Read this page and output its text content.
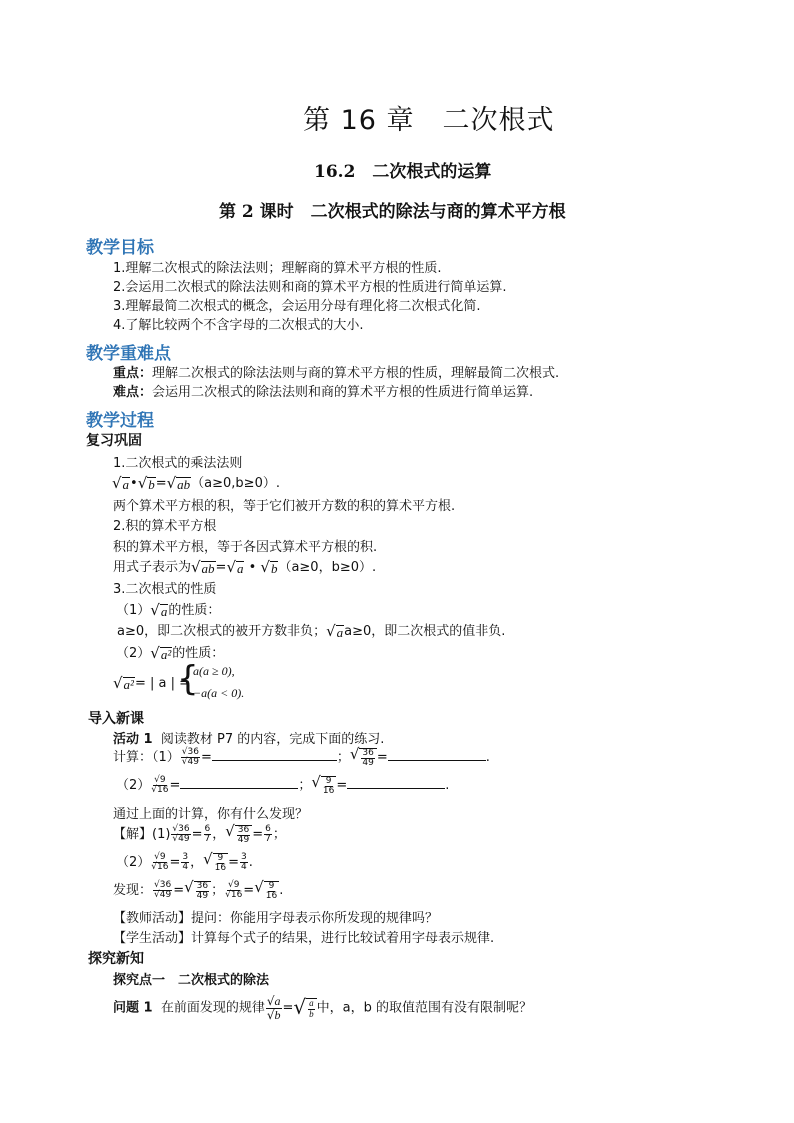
第 16 章　二次根式
16.2　二次根式的运算
第 2 课时　二次根式的除法与商的算术平方根
教学目标
1.理解二次根式的除法法则；理解商的算术平方根的性质.
2.会运用二次根式的除法法则和商的算术平方根的性质进行简单运算.
3.理解最简二次根式的概念，会运用分母有理化将二次根式化简.
4.了解比较两个不含字母的二次根式的大小.
教学重难点
重点：理解二次根式的除法法则与商的算术平方根的性质，理解最简二次根式.
难点：会运用二次根式的除法法则和商的算术平方根的性质进行简单运算.
教学过程
复习巩固
1.二次根式的乘法法则
√ a • √ b = √ ab （a≥0,b≥0）.
两个算术平方根的积，等于它们被开方数的积的算术平方根.
2.积的算术平方根
积的算术平方根，等于各因式算术平方根的积.
用式子表示为 √ ab = √ a • √ b （a≥0，b≥0）.
3.二次根式的性质
（1） √ a 的性质：
a≥0，即二次根式的被开方数非负； √ a a≥0，即二次根式的值非负.
（2） √ a² 的性质：
√ a² = | a | =
{
a(a ≥ 0),
−a(a < 0).
导入新课
活动 1 阅读教材 P7 的内容，完成下面的练习.
计算：$(1) \frac{√36}{√49}$ =	； √ $\frac{36}{49}$ =	.
$(2) \frac{√9}{√16}$ =	； √ $\frac{9}{16}$ =	.
通过上面的计算，你有什么发现？
【解】$(1) \frac{√36}{√49} = \frac{6}{7}$ ， √ $\frac{36}{49} = \frac{6}{7}$ ；
$(2) \frac{√9}{√16} = \frac{3}{4}$ ， √ $\frac{9}{16} = \frac{3}{4}$ .
发现： $\frac{√36}{√49}$ = √ $\frac{36}{49}$ ； $\frac{√9}{√16}$ = √ $\frac{9}{16}$ .
【教师活动】提问：你能用字母表示你所发现的规律吗？
【学生活动】计算每个式子的结果，进行比较试着用字母表示规律.
探究新知
探究点一　二次根式的除法
问题 1 在前面发现的规律 $\frac{√a}{√b}$ = √ $\frac{a}{b}$ 中，a，b 的取值范围有没有限制呢？
